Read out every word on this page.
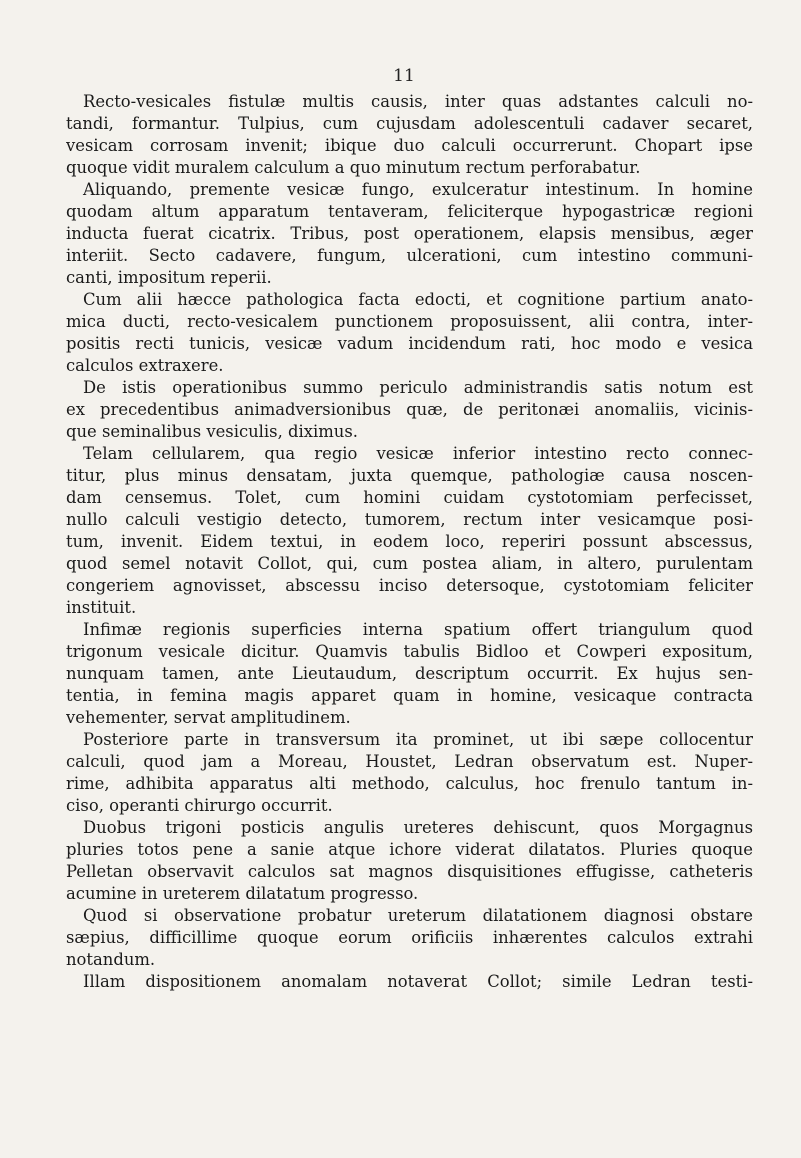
11
Recto-vesicales fistulæ multis causis, inter quas adstantes calculi no-
tandi, formantur. Tulpius, cum cujusdam adolescentuli cadaver secaret,
vesicam corrosam invenit; ibique duo calculi occurrerunt. Chopart ipse
quoque vidit muralem calculum a quo minutum rectum perforabatur.
Aliquando, premente vesicæ fungo, exulceratur intestinum. In homine
quodam altum apparatum tentaveram, feliciterque hypogastricæ regioni
inducta fuerat cicatrix. Tribus, post operationem, elapsis mensibus, æger
interiit. Secto cadavere, fungum, ulcerationi, cum intestino communi-
canti, impositum reperii.
Cum alii hæcce pathologica facta edocti, et cognitione partium anato-
mica ducti, recto-vesicalem punctionem proposuissent, alii contra, inter-
positis recti tunicis, vesicæ vadum incidendum rati, hoc modo e vesica
calculos extraxere.
De istis operationibus summo periculo administrandis satis notum est
ex precedentibus animadversionibus quæ, de peritonæi anomaliis, vicinis-
que seminalibus vesiculis, diximus.
Telam cellularem, qua regio vesicæ inferior intestino recto connec-
titur, plus minus densatam, juxta quemque, pathologiæ causa noscen-
dam censemus. Tolet, cum homini cuidam cystotomiam perfecisset,
nullo calculi vestigio detecto, tumorem, rectum inter vesicamque posi-
tum, invenit. Eidem textui, in eodem loco, reperiri possunt abscessus,
quod semel notavit Collot, qui, cum postea aliam, in altero, purulentam
congeriem agnovisset, abscessu inciso detersoque, cystotomiam feliciter
instituit.
Infimæ regionis superficies interna spatium offert triangulum quod
trigonum vesicale dicitur. Quamvis tabulis Bidloo et Cowperi expositum,
nunquam tamen, ante Lieutaudum, descriptum occurrit. Ex hujus sen-
tentia, in femina magis apparet quam in homine, vesicaque contracta
vehementer, servat amplitudinem.
Posteriore parte in transversum ita prominet, ut ibi sæpe collocentur
calculi, quod jam a Moreau, Houstet, Ledran observatum est. Nuper-
rime, adhibita apparatus alti methodo, calculus, hoc frenulo tantum in-
ciso, operanti chirurgo occurrit.
Duobus trigoni posticis angulis ureteres dehiscunt, quos Morgagnus
pluries totos pene a sanie atque ichore viderat dilatatos. Pluries quoque
Pelletan observavit calculos sat magnos disquisitiones effugisse, catheteris
acumine in ureterem dilatatum progresso.
Quod si observatione probatur ureterum dilatationem diagnosi obstare
sæpius, difficillime quoque eorum orificiis inhærentes calculos extrahi
notandum.
Illam dispositionem anomalam notaverat Collot; simile Ledran testi-
